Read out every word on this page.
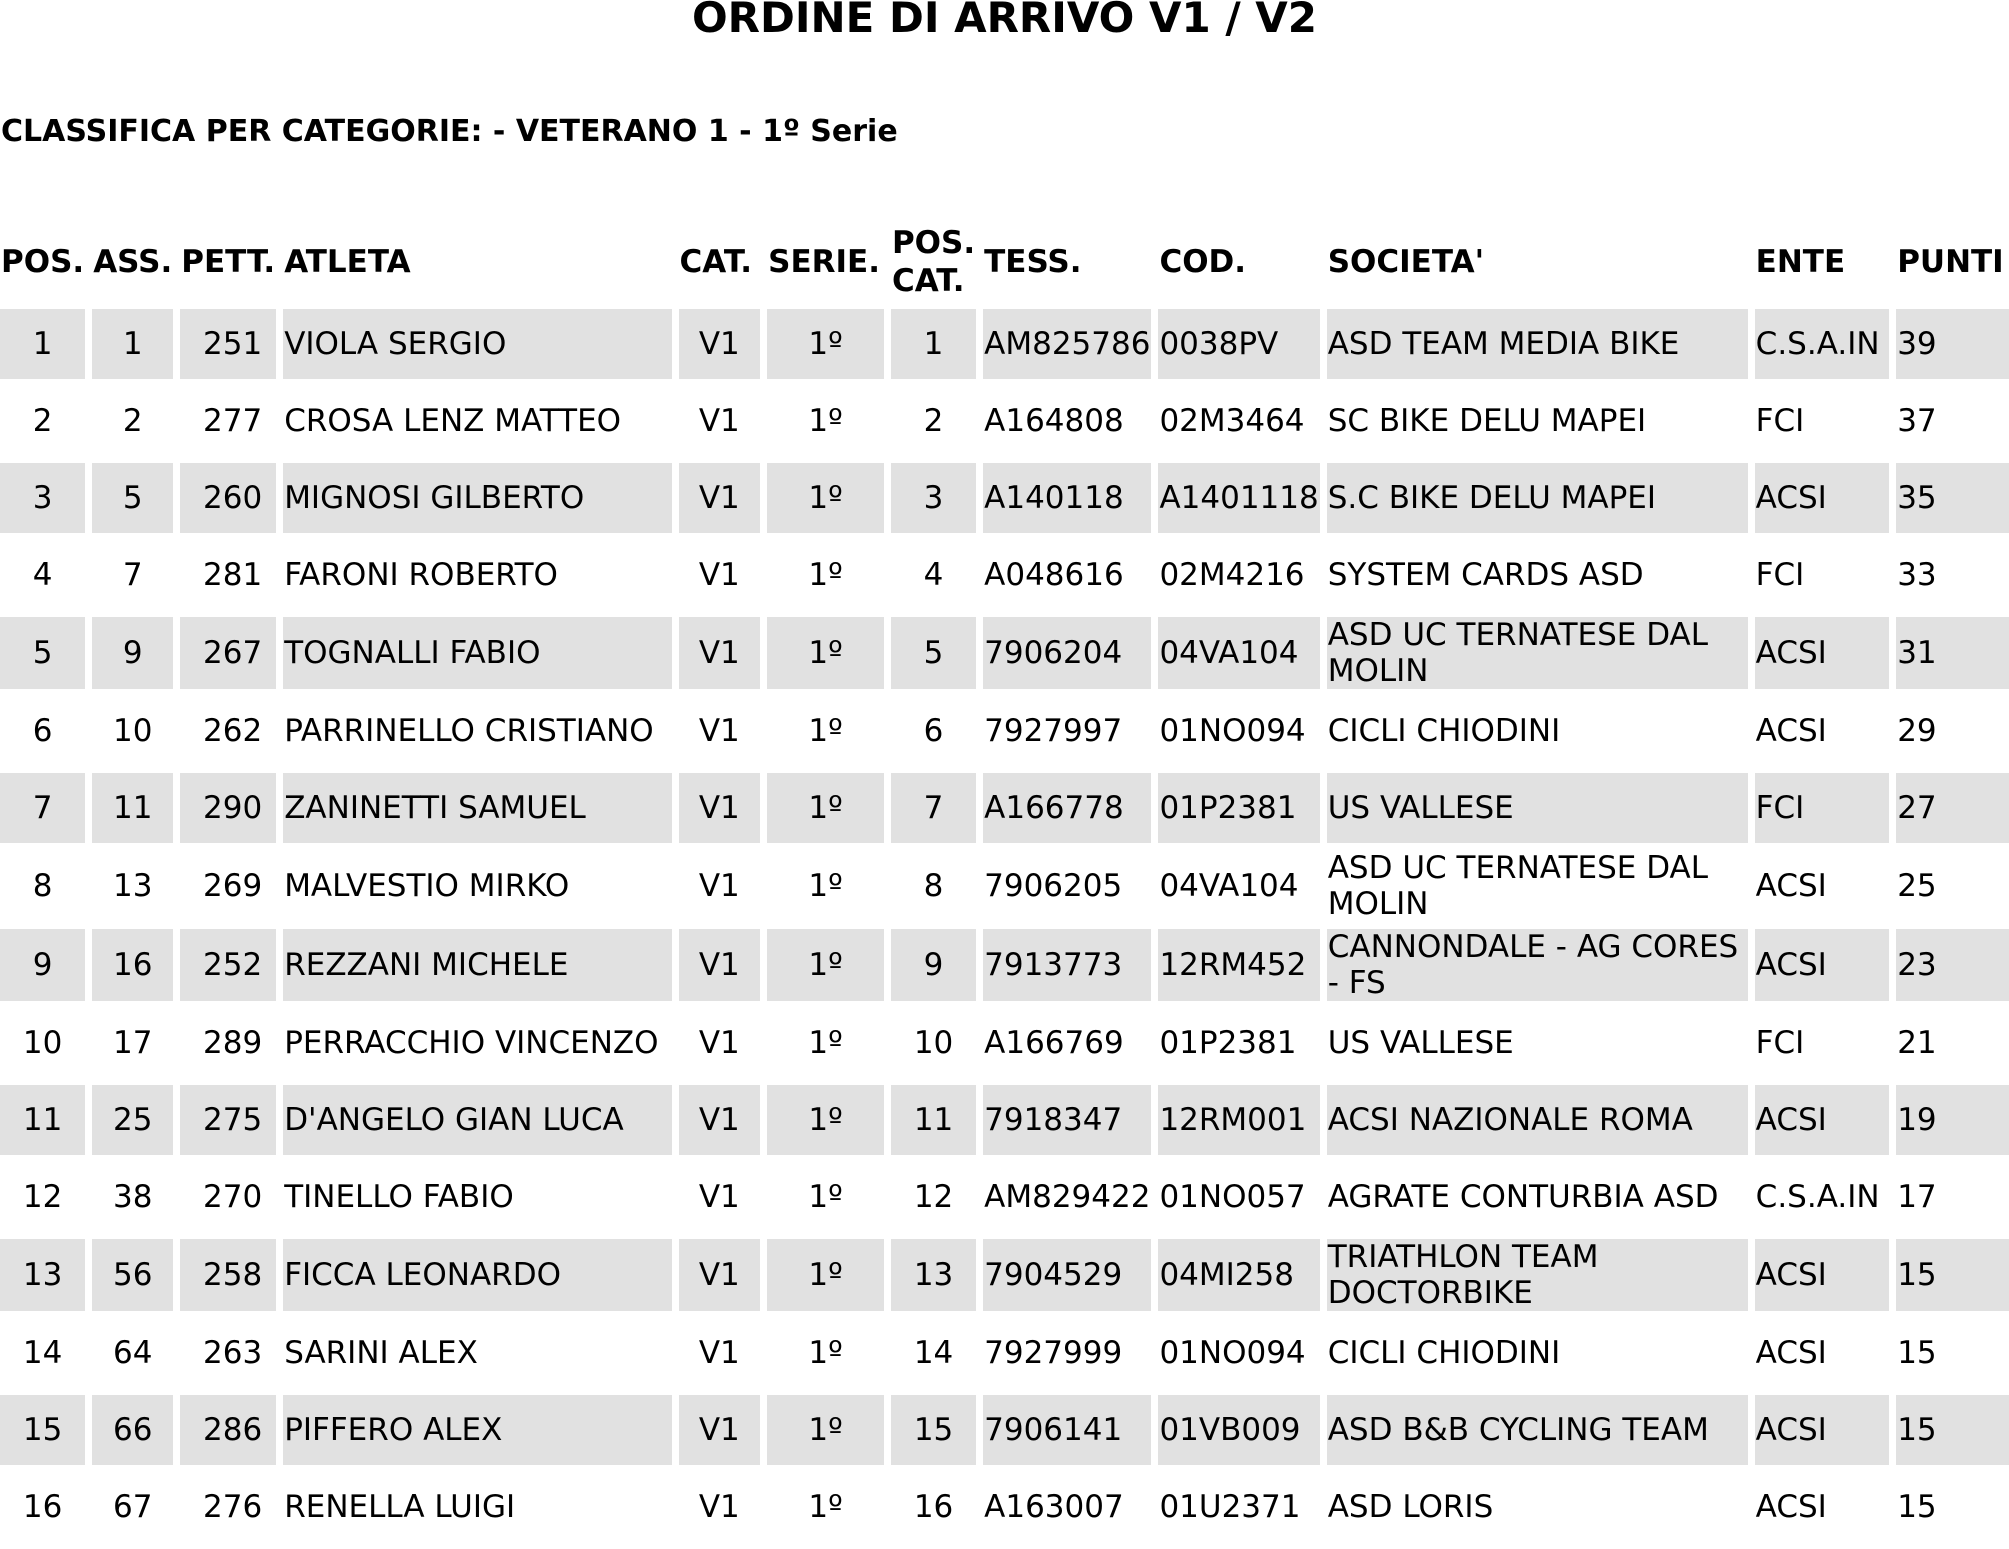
ORDINE DI ARRIVO V1 / V2
CLASSIFICA PER CATEGORIE: - VETERANO 1 - 1º Serie
POS.	ASS.	PETT.	ATLETA	CAT.	SERIE.	POS. CAT.	TESS.	COD.	SOCIETA'	ENTE	PUNTI
1	1	251	VIOLA SERGIO	V1	1º	1	AM825786	0038PV	ASD TEAM MEDIA BIKE	C.S.A.IN	39
2	2	277	CROSA LENZ MATTEO	V1	1º	2	A164808	02M3464	SC BIKE DELU MAPEI	FCI	37
3	5	260	MIGNOSI GILBERTO	V1	1º	3	A140118	A1401118	S.C BIKE DELU MAPEI	ACSI	35
4	7	281	FARONI ROBERTO	V1	1º	4	A048616	02M4216	SYSTEM CARDS ASD	FCI	33
5	9	267	TOGNALLI FABIO	V1	1º	5	7906204	04VA104	ASD UC TERNATESE DAL MOLIN	ACSI	31
6	10	262	PARRINELLO CRISTIANO	V1	1º	6	7927997	01NO094	CICLI CHIODINI	ACSI	29
7	11	290	ZANINETTI SAMUEL	V1	1º	7	A166778	01P2381	US VALLESE	FCI	27
8	13	269	MALVESTIO MIRKO	V1	1º	8	7906205	04VA104	ASD UC TERNATESE DAL MOLIN	ACSI	25
9	16	252	REZZANI MICHELE	V1	1º	9	7913773	12RM452	CANNONDALE - AG CORES - FS	ACSI	23
10	17	289	PERRACCHIO VINCENZO	V1	1º	10	A166769	01P2381	US VALLESE	FCI	21
11	25	275	D'ANGELO GIAN LUCA	V1	1º	11	7918347	12RM001	ACSI NAZIONALE ROMA	ACSI	19
12	38	270	TINELLO FABIO	V1	1º	12	AM829422	01NO057	AGRATE CONTURBIA ASD	C.S.A.IN	17
13	56	258	FICCA LEONARDO	V1	1º	13	7904529	04MI258	TRIATHLON TEAM DOCTORBIKE	ACSI	15
14	64	263	SARINI ALEX	V1	1º	14	7927999	01NO094	CICLI CHIODINI	ACSI	15
15	66	286	PIFFERO ALEX	V1	1º	15	7906141	01VB009	ASD B&B CYCLING TEAM	ACSI	15
16	67	276	RENELLA LUIGI	V1	1º	16	A163007	01U2371	ASD LORIS	ACSI	15
